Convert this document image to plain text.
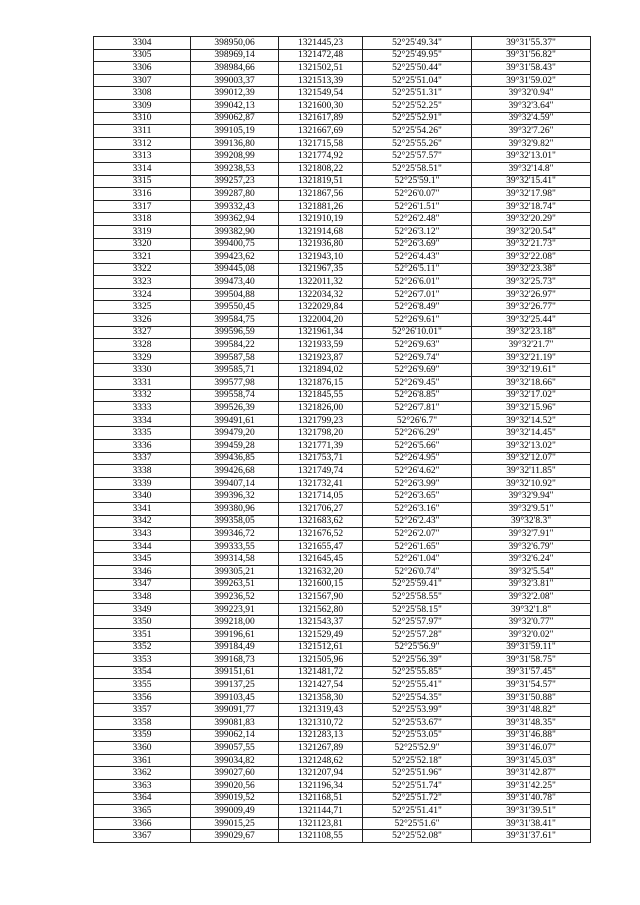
3304	398950,06	1321445,23	52°25'49.34"	39°31'55.37"
3305	398969,14	1321472,48	52°25'49.95"	39°31'56.82"
3306	398984,66	1321502,51	52°25'50.44"	39°31'58.43"
3307	399003,37	1321513,39	52°25'51.04"	39°31'59.02"
3308	399012,39	1321549,54	52°25'51.31"	39°32'0.94"
3309	399042,13	1321600,30	52°25'52.25"	39°32'3.64"
3310	399062,87	1321617,89	52°25'52.91"	39°32'4.59"
3311	399105,19	1321667,69	52°25'54.26"	39°32'7.26"
3312	399136,80	1321715,58	52°25'55.26"	39°32'9.82"
3313	399208,99	1321774,92	52°25'57.57"	39°32'13.01"
3314	399238,53	1321808,22	52°25'58.51"	39°32'14.8"
3315	399257,23	1321819,51	52°25'59.1"	39°32'15.41"
3316	399287,80	1321867,56	52°26'0.07"	39°32'17.98"
3317	399332,43	1321881,26	52°26'1.51"	39°32'18.74"
3318	399362,94	1321910,19	52°26'2.48"	39°32'20.29"
3319	399382,90	1321914,68	52°26'3.12"	39°32'20.54"
3320	399400,75	1321936,80	52°26'3.69"	39°32'21.73"
3321	399423,62	1321943,10	52°26'4.43"	39°32'22.08"
3322	399445,08	1321967,35	52°26'5.11"	39°32'23.38"
3323	399473,40	1322011,32	52°26'6.01"	39°32'25.73"
3324	399504,88	1322034,32	52°26'7.01"	39°32'26.97"
3325	399550,45	1322029,84	52°26'8.49"	39°32'26.77"
3326	399584,75	1322004,20	52°26'9.61"	39°32'25.44"
3327	399596,59	1321961,34	52°26'10.01"	39°32'23.18"
3328	399584,22	1321933,59	52°26'9.63"	39°32'21.7"
3329	399587,58	1321923,87	52°26'9.74"	39°32'21.19"
3330	399585,71	1321894,02	52°26'9.69"	39°32'19.61"
3331	399577,98	1321876,15	52°26'9.45"	39°32'18.66"
3332	399558,74	1321845,55	52°26'8.85"	39°32'17.02"
3333	399526,39	1321826,00	52°26'7.81"	39°32'15.96"
3334	399491,61	1321799,23	52°26'6.7"	39°32'14.52"
3335	399479,20	1321798,20	52°26'6.29"	39°32'14.45"
3336	399459,28	1321771,39	52°26'5.66"	39°32'13.02"
3337	399436,85	1321753,71	52°26'4.95"	39°32'12.07"
3338	399426,68	1321749,74	52°26'4.62"	39°32'11.85"
3339	399407,14	1321732,41	52°26'3.99"	39°32'10.92"
3340	399396,32	1321714,05	52°26'3.65"	39°32'9.94"
3341	399380,96	1321706,27	52°26'3.16"	39°32'9.51"
3342	399358,05	1321683,62	52°26'2.43"	39°32'8.3"
3343	399346,72	1321676,52	52°26'2.07"	39°32'7.91"
3344	399333,55	1321655,47	52°26'1.65"	39°32'6.79"
3345	399314,58	1321645,45	52°26'1.04"	39°32'6.24"
3346	399305,21	1321632,20	52°26'0.74"	39°32'5.54"
3347	399263,51	1321600,15	52°25'59.41"	39°32'3.81"
3348	399236,52	1321567,90	52°25'58.55"	39°32'2.08"
3349	399223,91	1321562,80	52°25'58.15"	39°32'1.8"
3350	399218,00	1321543,37	52°25'57.97"	39°32'0.77"
3351	399196,61	1321529,49	52°25'57.28"	39°32'0.02"
3352	399184,49	1321512,61	52°25'56.9"	39°31'59.11"
3353	399168,73	1321505,96	52°25'56.39"	39°31'58.75"
3354	399151,61	1321481,72	52°25'55.85"	39°31'57.45"
3355	399137,25	1321427,54	52°25'55.41"	39°31'54.57"
3356	399103,45	1321358,30	52°25'54.35"	39°31'50.88"
3357	399091,77	1321319,43	52°25'53.99"	39°31'48.82"
3358	399081,83	1321310,72	52°25'53.67"	39°31'48.35"
3359	399062,14	1321283,13	52°25'53.05"	39°31'46.88"
3360	399057,55	1321267,89	52°25'52.9"	39°31'46.07"
3361	399034,82	1321248,62	52°25'52.18"	39°31'45.03"
3362	399027,60	1321207,94	52°25'51.96"	39°31'42.87"
3363	399020,56	1321196,34	52°25'51.74"	39°31'42.25"
3364	399019,52	1321168,51	52°25'51.72"	39°31'40.78"
3365	399009,49	1321144,71	52°25'51.41"	39°31'39.51"
3366	399015,25	1321123,81	52°25'51.6"	39°31'38.41"
3367	399029,67	1321108,55	52°25'52.08"	39°31'37.61"
